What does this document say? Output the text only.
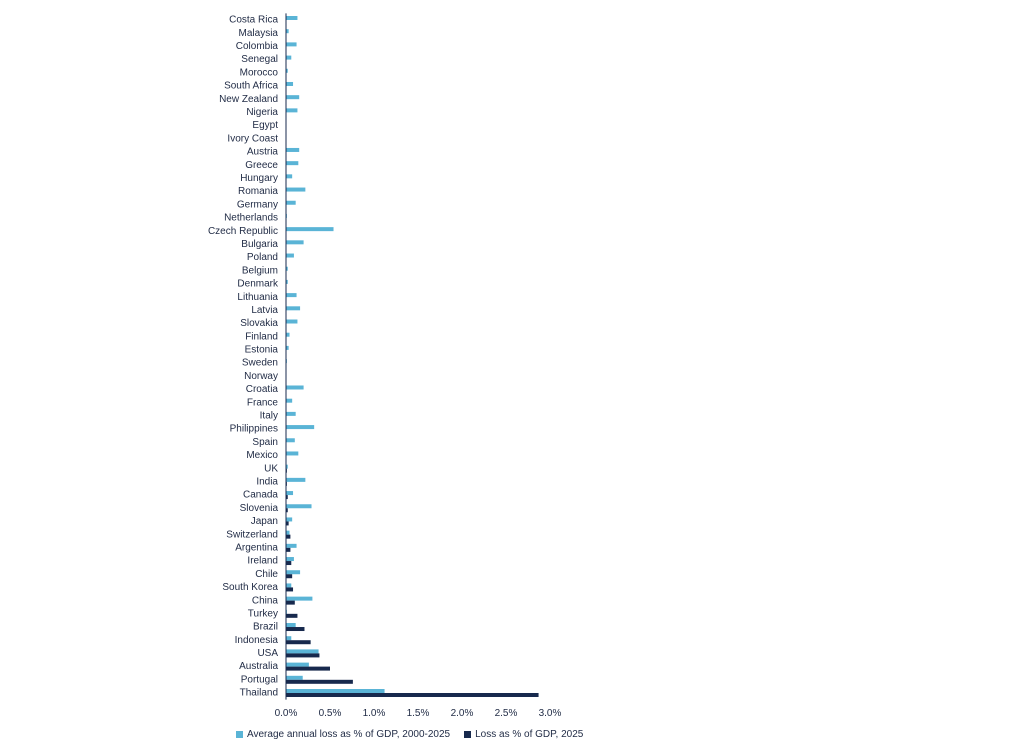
Costa Rica
Malaysia
Colombia
Senegal
Morocco
South Africa
New Zealand
Nigeria
Egypt
Ivory Coast
Austria
Greece
Hungary
Romania
Germany
Netherlands
Czech Republic
Bulgaria
Poland
Belgium
Denmark
Lithuania
Latvia
Slovakia
Finland
Estonia
Sweden
Norway
Croatia
France
Italy
Philippines
Spain
Mexico
UK
India
Canada
Slovenia
Japan
Switzerland
Argentina
Ireland
Chile
South Korea
China
Turkey
Brazil
Indonesia
USA
Australia
Portugal
Thailand
0.0% 0.5% 1.0% 1.5% 2.0% 2.5% 3.0%
Average annual loss as % of GDP, 2000-2025	Loss as % of GDP, 2025
